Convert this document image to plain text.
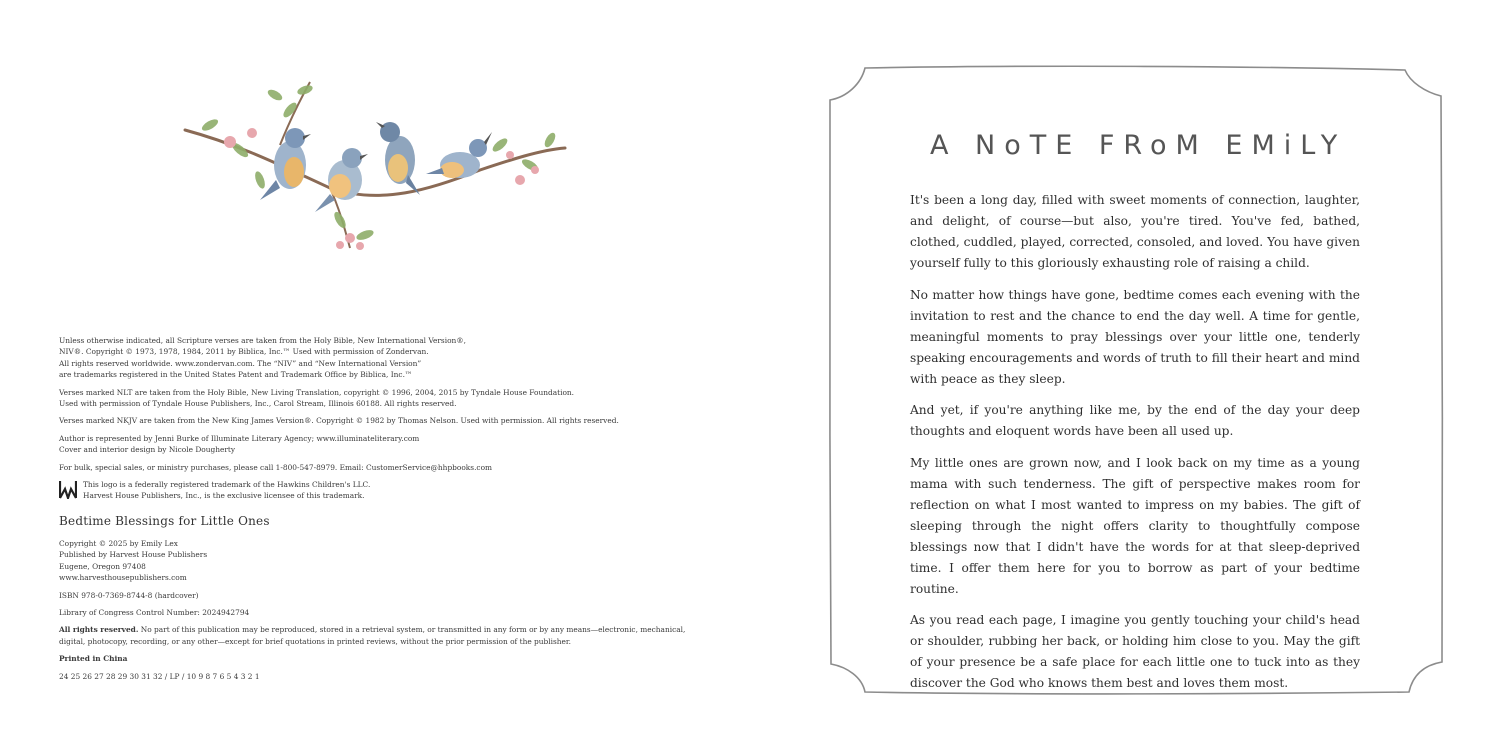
Unless otherwise indicated, all Scripture verses are taken from the Holy Bible, New International Version®,
NIV®. Copyright © 1973, 1978, 1984, 2011 by Biblica, Inc.™ Used with permission of Zondervan.
All rights reserved worldwide. www.zondervan.com. The “NIV” and “New International Version”
are trademarks registered in the United States Patent and Trademark Office by Biblica, Inc.™

Verses marked NLT are taken from the Holy Bible, New Living Translation, copyright © 1996, 2004, 2015 by Tyndale House Foundation.
Used with permission of Tyndale House Publishers, Inc., Carol Stream, Illinois 60188. All rights reserved.

Verses marked NKJV are taken from the New King James Version®. Copyright © 1982 by Thomas Nelson. Used with permission. All rights reserved.

Author is represented by Jenni Burke of Illuminate Literary Agency; www.illuminateliterary.com
Cover and interior design by Nicole Dougherty

For bulk, special sales, or ministry purchases, please call 1-800-547-8979. Email: CustomerService@hhpbooks.com

This logo is a federally registered trademark of the Hawkins Children's LLC.
Harvest House Publishers, Inc., is the exclusive licensee of this trademark.
Bedtime Blessings for Little Ones

Copyright © 2025 by Emily Lex
Published by Harvest House Publishers
Eugene, Oregon 97408
www.harvesthousepublishers.com

ISBN 978-0-7369-8744-8 (hardcover)

Library of Congress Control Number: 2024942794

All rights reserved. No part of this publication may be reproduced, stored in a retrieval system, or transmitted in any form or by any means—electronic, mechanical,
digital, photocopy, recording, or any other—except for brief quotations in printed reviews, without the prior permission of the publisher.

Printed in China

24 25 26 27 28 29 30 31 32 / LP / 10 9 8 7 6 5 4 3 2 1

A NoTE FRoM EMiLY

It's been a long day, filled with sweet moments of connection, laughter, and delight, of course—but also, you're tired. You've fed, bathed, clothed, cuddled, played, corrected, consoled, and loved. You have given yourself fully to this gloriously exhausting role of raising a child.

No matter how things have gone, bedtime comes each evening with the invitation to rest and the chance to end the day well. A time for gentle, meaningful moments to pray blessings over your little one, tenderly speaking encouragements and words of truth to fill their heart and mind with peace as they sleep.

And yet, if you're anything like me, by the end of the day your deep thoughts and eloquent words have been all used up.

My little ones are grown now, and I look back on my time as a young mama with such tenderness. The gift of perspective makes room for reflection on what I most wanted to impress on my babies. The gift of sleeping through the night offers clarity to thoughtfully compose blessings now that I didn't have the words for at that sleep-deprived time. I offer them here for you to borrow as part of your bedtime routine.

As you read each page, I imagine you gently touching your child's head or shoulder, rubbing her back, or holding him close to you. May the gift of your presence be a safe place for each little one to tuck into as they discover the God who knows them best and loves them most.
